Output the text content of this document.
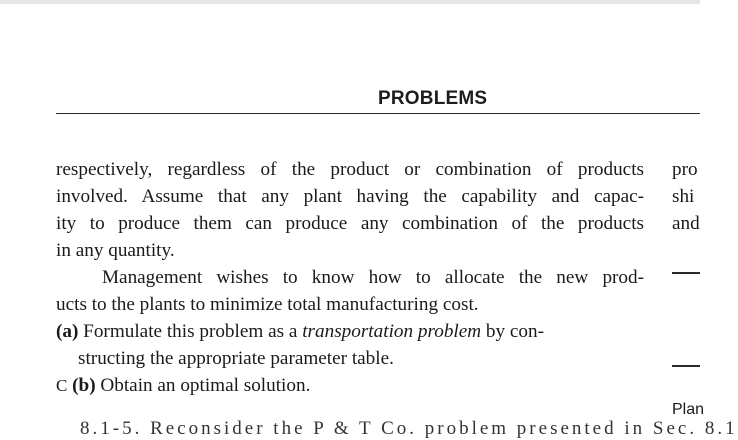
PROBLEMS
respectively, regardless of the product or combination of products
involved. Assume that any plant having the capability and capac-
ity to produce them can produce any combination of the products
in any quantity.
Management wishes to know how to allocate the new prod-
ucts to the plants to minimize total manufacturing cost.
(a) Formulate this problem as a transportation problem by con-
structing the appropriate parameter table.
C (b) Obtain an optimal solution.
pro
shi
and
Plan
8.1-5. Reconsider the P & T Co. problem presented in Sec. 8.1
